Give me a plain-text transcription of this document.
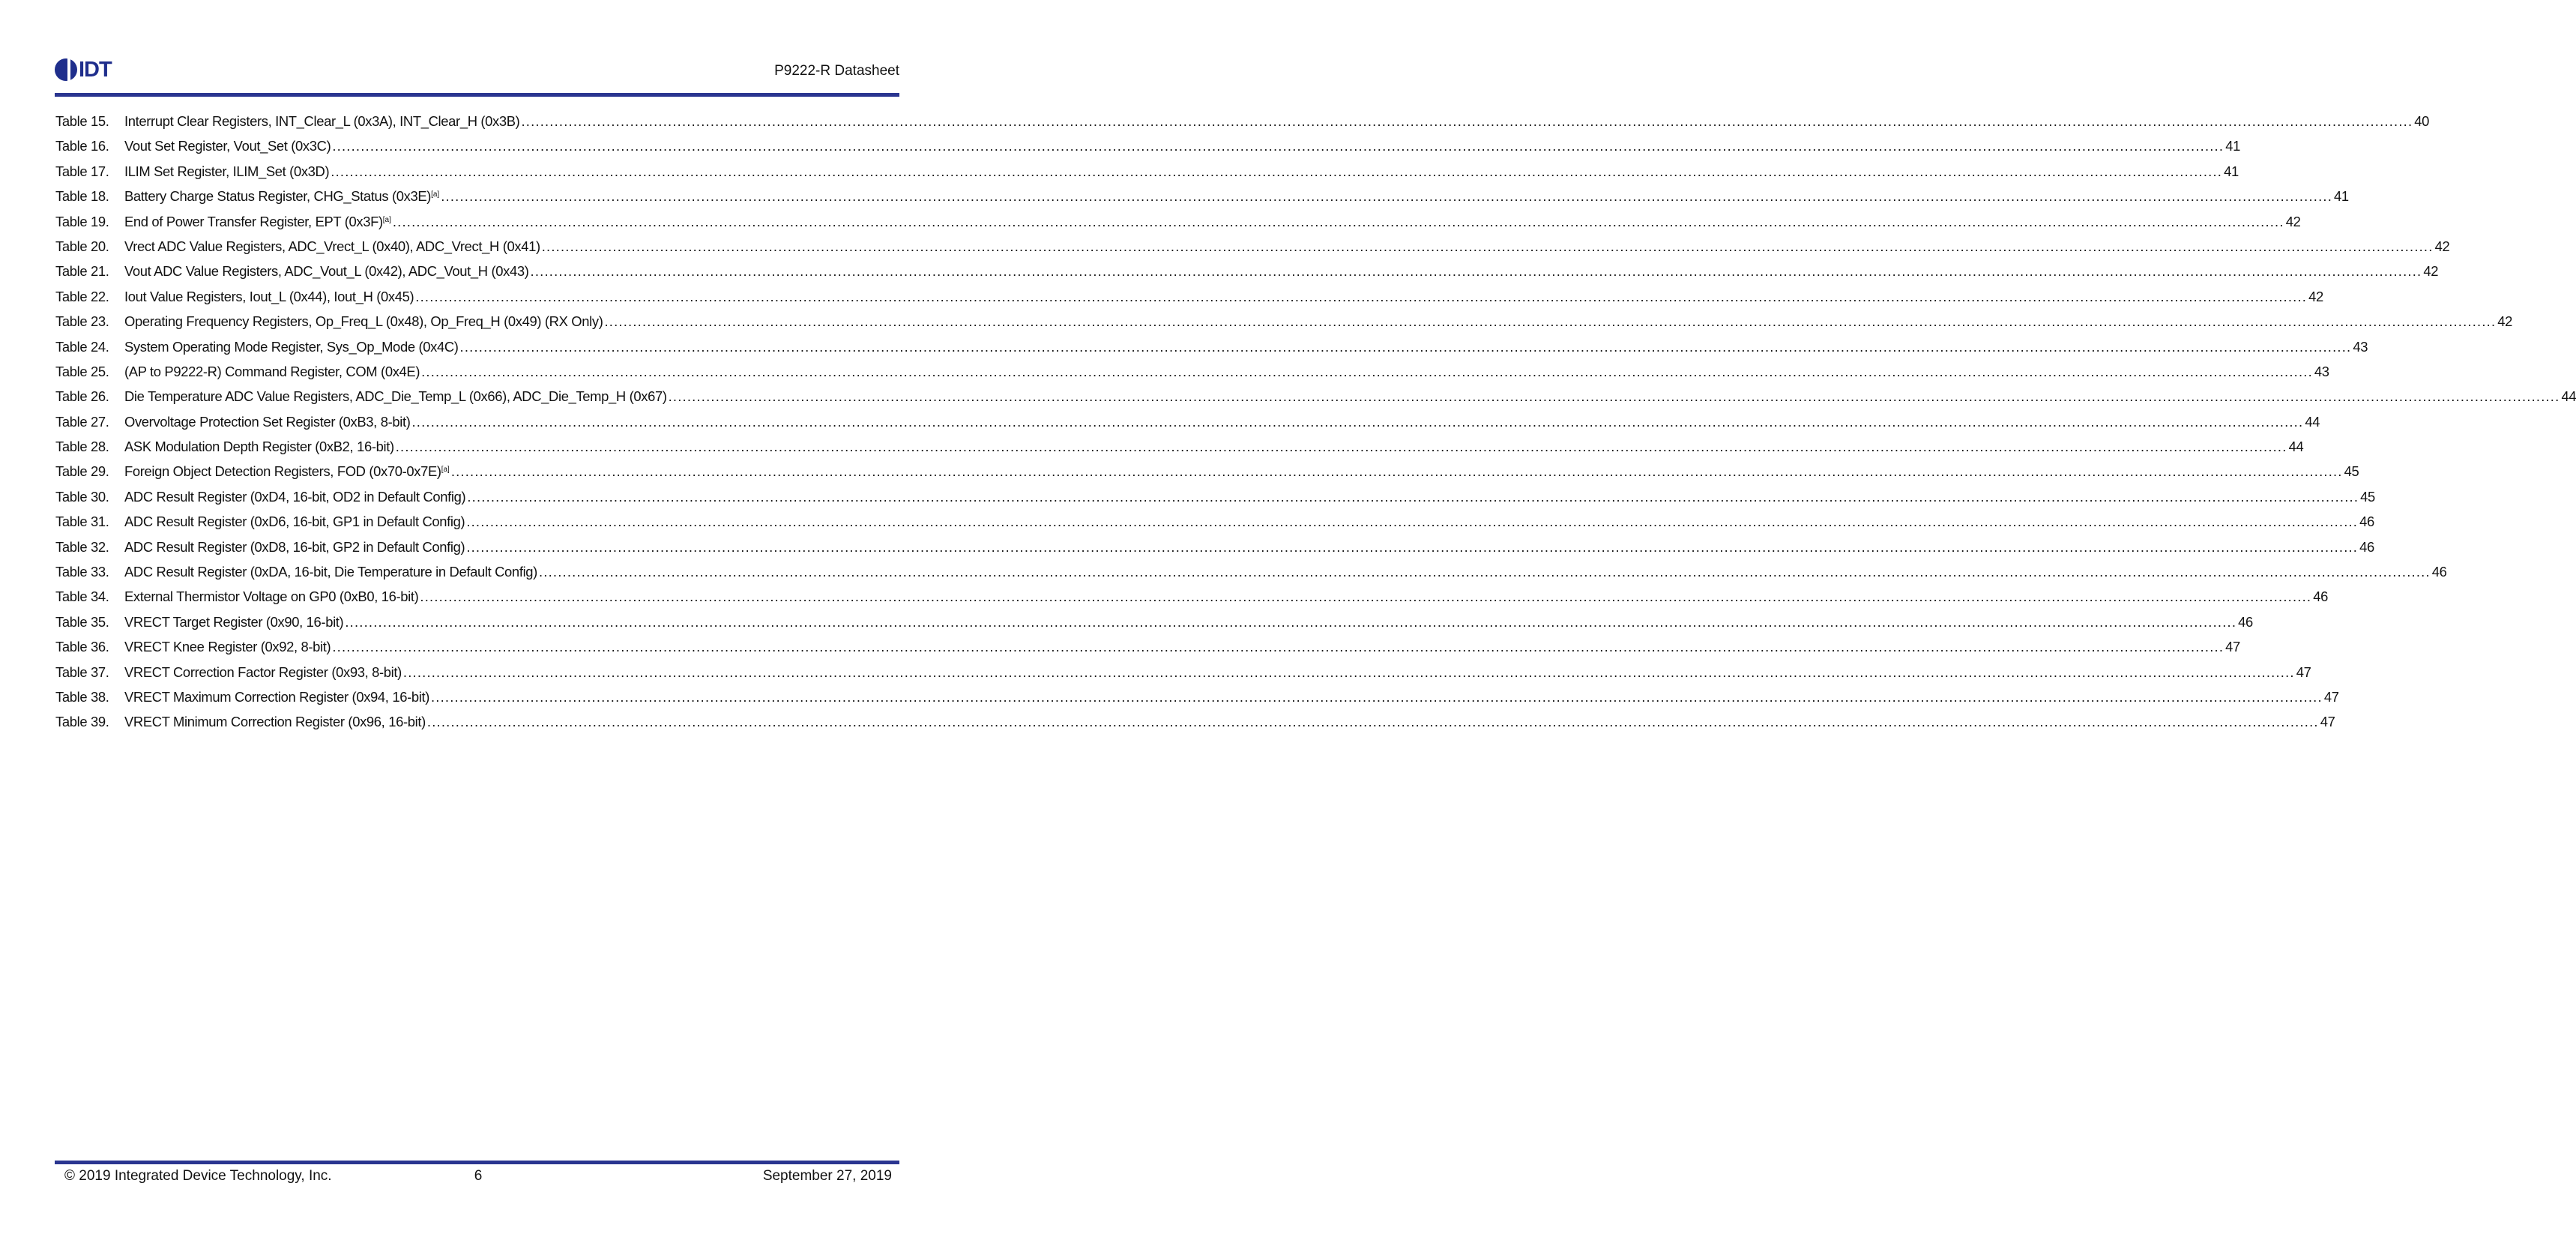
IDT	P9222-R Datasheet
Table 15.	Interrupt Clear Registers, INT_Clear_L (0x3A), INT_Clear_H (0x3B) ................................................................................................................................................................................................................................................................................................................................................................................................................ 40
Table 16.	Vout Set Register, Vout_Set (0x3C) ................................................................................................................................................................................................................................................................................................................................................................................................................ 41
Table 17.	ILIM Set Register, ILIM_Set (0x3D) ................................................................................................................................................................................................................................................................................................................................................................................................................ 41
Table 18.	Battery Charge Status Register, CHG_Status (0x3E)[a] ................................................................................................................................................................................................................................................................................................................................................................................................................ 41
Table 19.	End of Power Transfer Register, EPT (0x3F)[a] ................................................................................................................................................................................................................................................................................................................................................................................................................ 42
Table 20.	Vrect ADC Value Registers, ADC_Vrect_L (0x40), ADC_Vrect_H (0x41) ................................................................................................................................................................................................................................................................................................................................................................................................................ 42
Table 21.	Vout ADC Value Registers, ADC_Vout_L (0x42), ADC_Vout_H (0x43) ................................................................................................................................................................................................................................................................................................................................................................................................................ 42
Table 22.	Iout Value Registers, Iout_L (0x44), Iout_H (0x45) ................................................................................................................................................................................................................................................................................................................................................................................................................ 42
Table 23.	Operating Frequency Registers, Op_Freq_L (0x48), Op_Freq_H (0x49) (RX Only) ................................................................................................................................................................................................................................................................................................................................................................................................................ 42
Table 24.	System Operating Mode Register, Sys_Op_Mode (0x4C) ................................................................................................................................................................................................................................................................................................................................................................................................................ 43
Table 25.	(AP to P9222-R) Command Register, COM (0x4E) ................................................................................................................................................................................................................................................................................................................................................................................................................ 43
Table 26.	Die Temperature ADC Value Registers, ADC_Die_Temp_L (0x66), ADC_Die_Temp_H (0x67) ................................................................................................................................................................................................................................................................................................................................................................................................................ 44
Table 27.	Overvoltage Protection Set Register (0xB3, 8-bit) ................................................................................................................................................................................................................................................................................................................................................................................................................ 44
Table 28.	ASK Modulation Depth Register (0xB2, 16-bit) ................................................................................................................................................................................................................................................................................................................................................................................................................ 44
Table 29.	Foreign Object Detection Registers, FOD (0x70-0x7E)[a] ................................................................................................................................................................................................................................................................................................................................................................................................................ 45
Table 30.	ADC Result Register (0xD4, 16-bit, OD2 in Default Config) ................................................................................................................................................................................................................................................................................................................................................................................................................ 45
Table 31.	ADC Result Register (0xD6, 16-bit, GP1 in Default Config) ................................................................................................................................................................................................................................................................................................................................................................................................................ 46
Table 32.	ADC Result Register (0xD8, 16-bit, GP2 in Default Config) ................................................................................................................................................................................................................................................................................................................................................................................................................ 46
Table 33.	ADC Result Register (0xDA, 16-bit, Die Temperature in Default Config) ................................................................................................................................................................................................................................................................................................................................................................................................................ 46
Table 34.	External Thermistor Voltage on GP0 (0xB0, 16-bit) ................................................................................................................................................................................................................................................................................................................................................................................................................ 46
Table 35.	VRECT Target Register (0x90, 16-bit) ................................................................................................................................................................................................................................................................................................................................................................................................................ 46
Table 36.	VRECT Knee Register (0x92, 8-bit) ................................................................................................................................................................................................................................................................................................................................................................................................................ 47
Table 37.	VRECT Correction Factor Register (0x93, 8-bit) ................................................................................................................................................................................................................................................................................................................................................................................................................ 47
Table 38.	VRECT Maximum Correction Register (0x94, 16-bit) ................................................................................................................................................................................................................................................................................................................................................................................................................ 47
Table 39.	VRECT Minimum Correction Register (0x96, 16-bit) ................................................................................................................................................................................................................................................................................................................................................................................................................ 47
© 2019 Integrated Device Technology, Inc.	6	September 27, 2019
